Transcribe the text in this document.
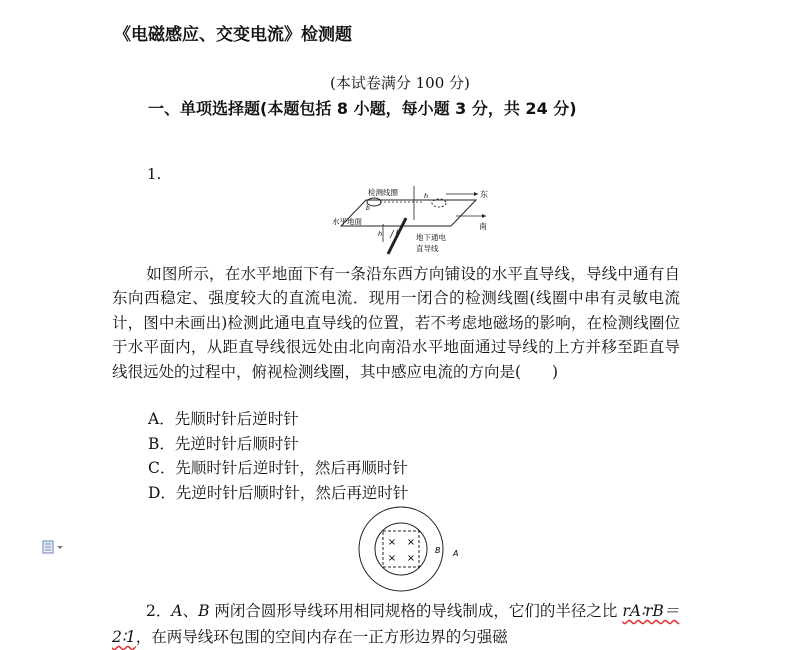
《电磁感应、交变电流》检测题
(本试卷满分 100 分)
一、单项选择题(本题包括 8 小题，每小题 3 分，共 24 分)
1.
检测线圈
b
h	东
南
水平地面
h I
地下通电
直导线
如图所示，在水平地面下有一条沿东西方向铺设的水平直导线，导线中通有自东向西稳定、强度较大的直流电流．现用一闭合的检测线圈(线圈中串有灵敏电流计，图中未画出)检测此通电直导线的位置，若不考虑地磁场的影响，在检测线圈位于水平面内，从距直导线很远处由北向南沿水平地面通过导线的上方并移至距直导线很远处的过程中，俯视检测线圈，其中感应电流的方向是(　　)
A．先顺时针后逆时针
B．先逆时针后顺时针
C．先顺时针后逆时针，然后再顺时针
D．先逆时针后顺时针，然后再逆时针
× ×
× ×
B A
2．A、B 两闭合圆形导线环用相同规格的导线制成，它们的半径之比 rA∶rB＝2∶1，在两导线环包围的空间内存在一正方形边界的匀强磁
